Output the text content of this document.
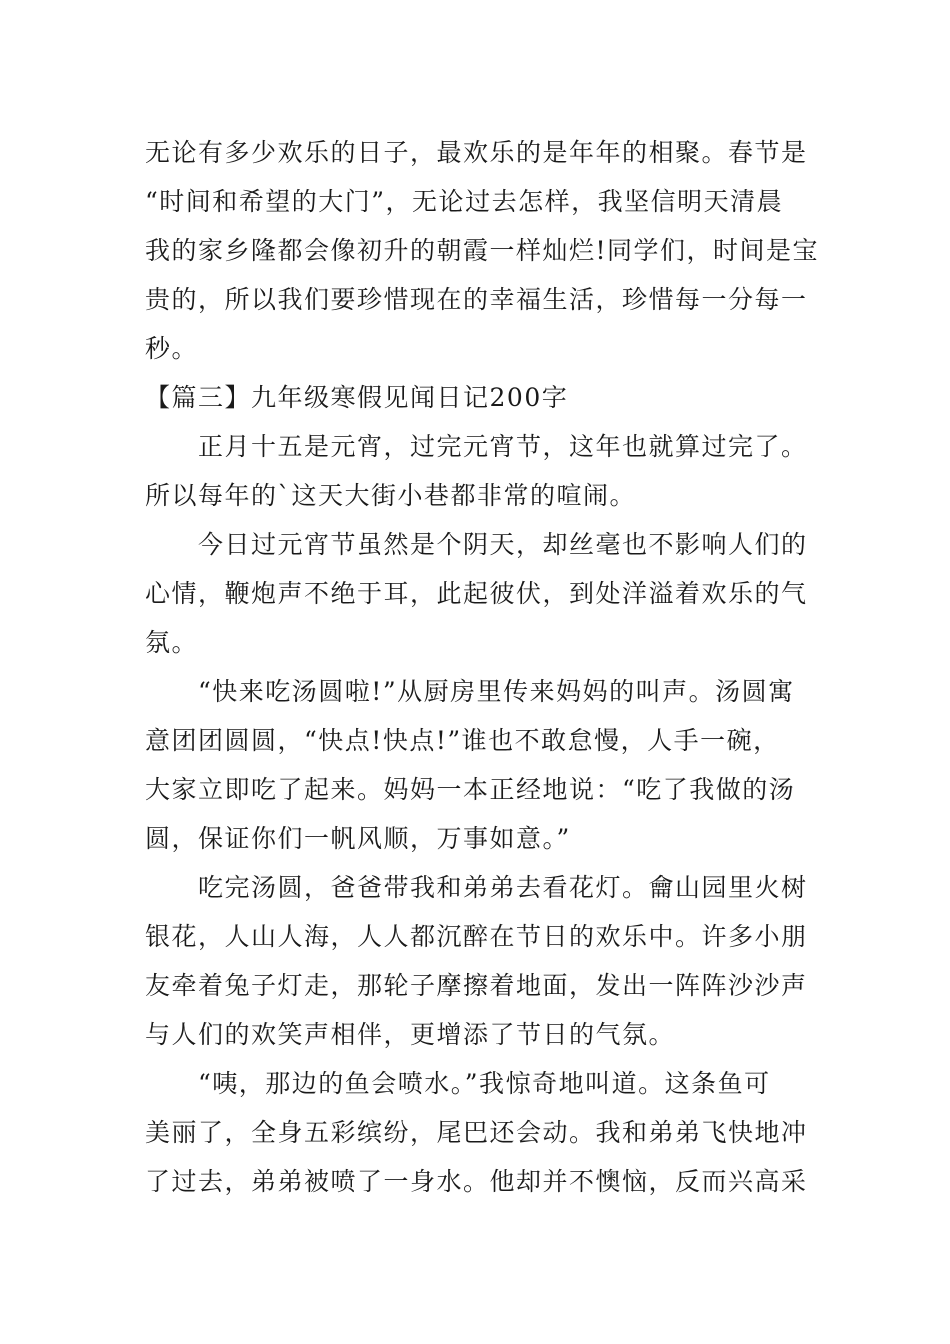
无论有多少欢乐的日子，最欢乐的是年年的相聚。春节是
“时间和希望的大门”，无论过去怎样，我坚信明天清晨
我的家乡隆都会像初升的朝霞一样灿烂!同学们，时间是宝
贵的，所以我们要珍惜现在的幸福生活，珍惜每一分每一
秒。
【篇三】九年级寒假见闻日记200字
正月十五是元宵，过完元宵节，这年也就算过完了。
所以每年的`这天大街小巷都非常的喧闹。
今日过元宵节虽然是个阴天，却丝毫也不影响人们的
心情，鞭炮声不绝于耳，此起彼伏，到处洋溢着欢乐的气
氛。
“快来吃汤圆啦!”从厨房里传来妈妈的叫声。汤圆寓
意团团圆圆，“快点!快点!”谁也不敢怠慢，人手一碗，
大家立即吃了起来。妈妈一本正经地说：“吃了我做的汤
圆，保证你们一帆风顺，万事如意。”
吃完汤圆，爸爸带我和弟弟去看花灯。龠山园里火树
银花，人山人海，人人都沉醉在节日的欢乐中。许多小朋
友牵着兔子灯走，那轮子摩擦着地面，发出一阵阵沙沙声
与人们的欢笑声相伴，更增添了节日的气氛。
“咦，那边的鱼会喷水。”我惊奇地叫道。这条鱼可
美丽了，全身五彩缤纷，尾巴还会动。我和弟弟飞快地冲
了过去，弟弟被喷了一身水。他却并不懊恼，反而兴高采
